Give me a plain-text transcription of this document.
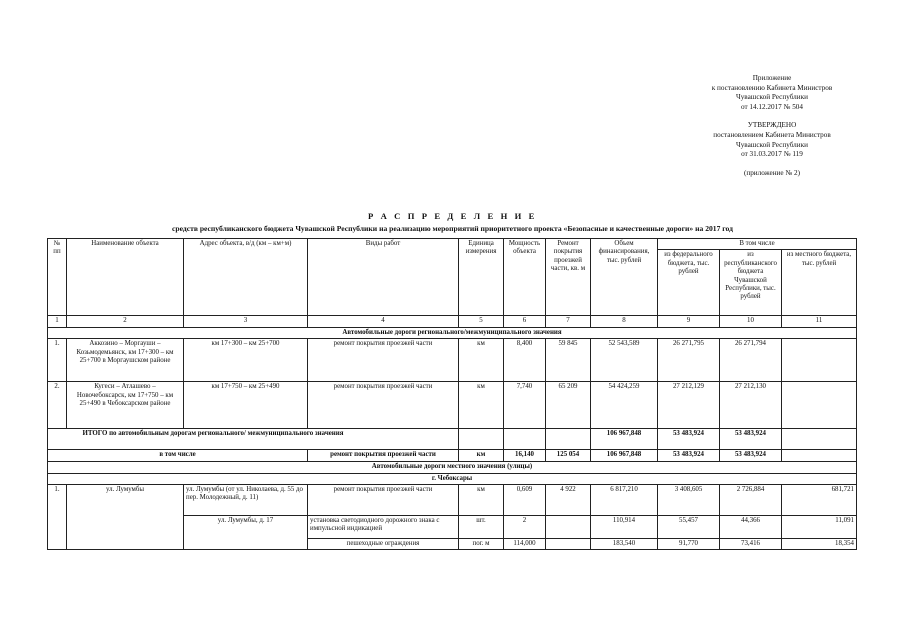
Приложение
к постановлению Кабинета Министров
Чувашской Республики
от 14.12.2017 № 504
УТВЕРЖДЕНО
постановлением Кабинета Министров
Чувашской Республики
от 31.03.2017 № 119
(приложение № 2)
Р А С П Р Е Д Е Л Е Н И Е
средств республиканского бюджета Чувашской Республики на реализацию мероприятий приоритетного проекта «Безопасные и качественные дороги» на 2017 год
№ пп	Наименование объекта	Адрес объекта, в/д (км – км+м)	Виды работ	Единица измерения	Мощность объекта	Ремонт покрытия проезжей части, кв. м	Объем финансирования, тыс. рублей	В том числе		
								из федерального бюджета, тыс. рублей	из республиканского бюджета Чувашской Республики, тыс. рублей	из местного бюджета, тыс. рублей
1	2	3	4	5	6	7	8	9	10	11
Автомобильные дороги регионального/межмуниципального значения										
1.	Аккозино – Моргауши – Козьмодемьянск, км 17+300 – км 25+700 в Моргаушском районе	км 17+300 – км 25+700	ремонт покрытия проезжей части	км	8,400	59 845	52 543,589	26 271,795	26 271,794	
2.	Кугеси – Атлашево – Новочебоксарск, км 17+750 – км 25+490 в Чебоксарском районе	км 17+750 – км 25+490	ремонт покрытия проезжей части	км	7,740	65 209	54 424,259	27 212,129	27 212,130	
ИТОГО по автомобильным дорогам регионального/ межмуниципального значения							106 967,848	53 483,924	53 483,924	
в том числе			ремонт покрытия проезжей части	км	16,140	125 054	106 967,848	53 483,924	53 483,924	
Автомобильные дороги местного значения (улицы)										
г. Чебоксары										
1.	ул. Лумумбы	ул. Лумумбы (от ул. Николаева, д. 55 до пер. Молодежный, д. 11)	ремонт покрытия проезжей части	км	0,609	4 922	6 817,210	3 408,605	2 726,884	681,721
		ул. Лумумбы, д. 17	установка светодиодного дорожного знака с импульсной индикацией	шт.	2		110,914	55,457	44,366	11,091
			пешеходные ограждения	пог. м	114,000		183,540	91,770	73,416	18,354
